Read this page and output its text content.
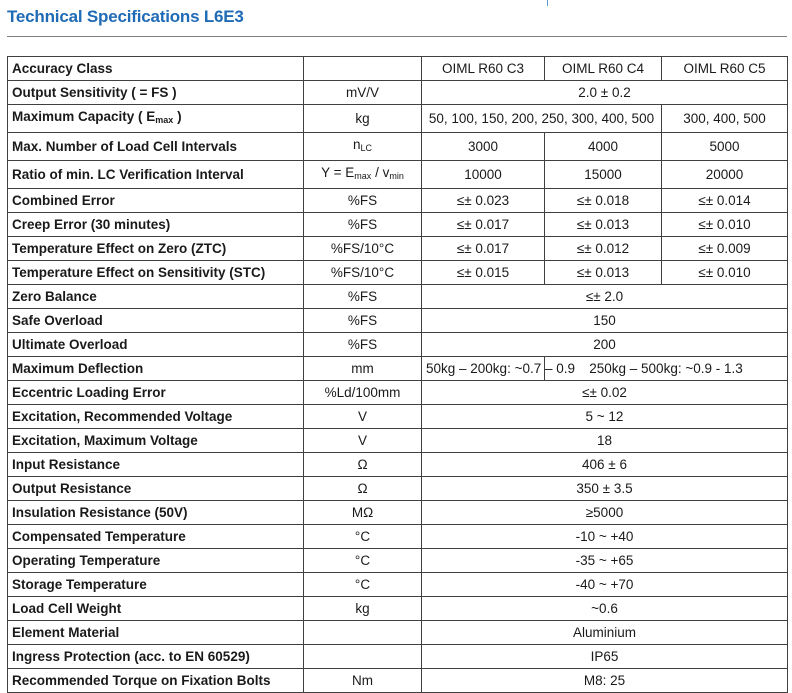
Technical Specifications L6E3
Accuracy Class		OIML R60 C3	OIML R60 C4	OIML R60 C5
Output Sensitivity ( = FS )	mV/V	2.0 ± 0.2		
Maximum Capacity ( $E_{max}$ )	kg	50, 100, 150, 200, 250, 300, 400, 500		300, 400, 500
Max. Number of Load Cell Intervals	$n_{LC}$	3000	4000	5000
Ratio of min. LC Verification Interval	$Y = E_{max} / v_{min}$	10000	15000	20000
Combined Error	%FS	≤± 0.023	≤± 0.018	≤± 0.014
Creep Error (30 minutes)	%FS	≤± 0.017	≤± 0.013	≤± 0.010
Temperature Effect on Zero (ZTC)	%FS/10°C	≤± 0.017	≤± 0.012	≤± 0.009
Temperature Effect on Sensitivity (STC)	%FS/10°C	≤± 0.015	≤± 0.013	≤± 0.010
Zero Balance	%FS	≤± 2.0		
Safe Overload	%FS	150		
Ultimate Overload	%FS	200		
Maximum Deflection	mm	50kg – 200kg: ~0.7 – 0.9	250kg – 500kg: ~0.9 - 1.3	
Eccentric Loading Error	%Ld/100mm	≤± 0.02		
Excitation, Recommended Voltage	V	5 ~ 12		
Excitation, Maximum Voltage	V	18		
Input Resistance	Ω	406 ± 6		
Output Resistance	Ω	350 ± 3.5		
Insulation Resistance (50V)	MΩ	≥5000		
Compensated Temperature	°C	-10 ~ +40		
Operating Temperature	°C	-35 ~ +65		
Storage Temperature	°C	-40 ~ +70		
Load Cell Weight	kg	~0.6		
Element Material		Aluminium		
Ingress Protection (acc. to EN 60529)		IP65		
Recommended Torque on Fixation Bolts	Nm	M8: 25		
